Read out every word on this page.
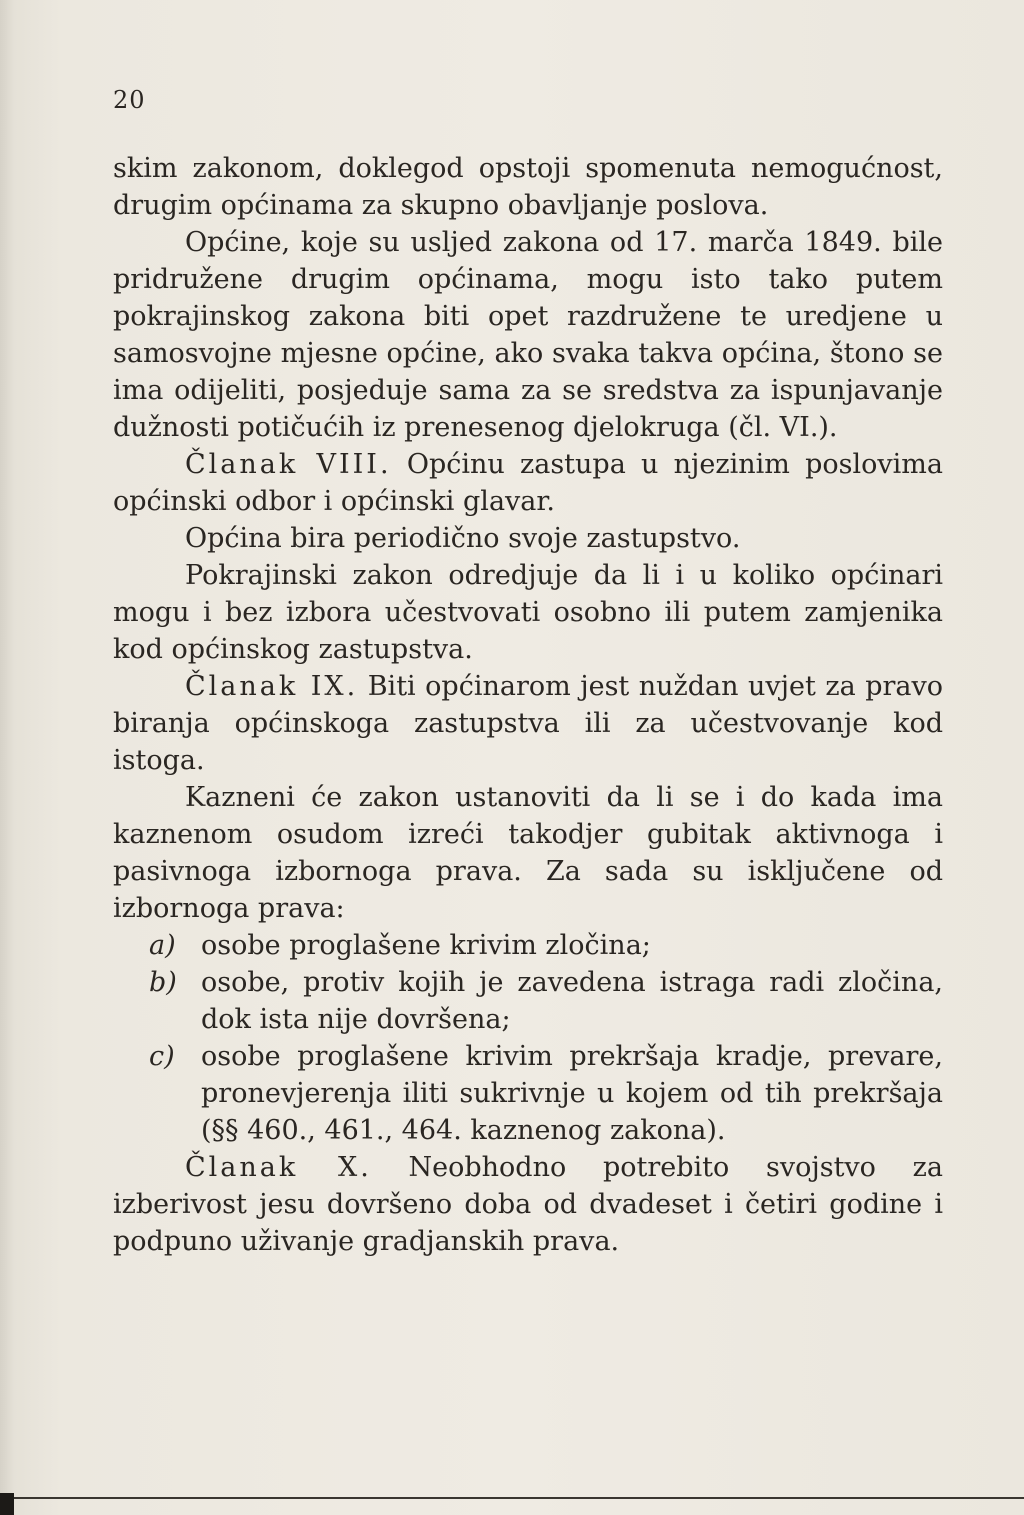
20

skim zakonom, doklegod opstoji spomenuta nemogućnost, drugim općinama za skupno obavljanje poslova.

Općine, koje su usljed zakona od 17. marča 1849. bile pridružene drugim općinama, mogu isto tako putem pokrajinskog zakona biti opet razdružene te uredjene u samosvojne mjesne općine, ako svaka takva općina, štono se ima odijeliti, posjeduje sama za se sredstva za ispunjavanje dužnosti potičućih iz prenesenog djelokruga (čl. VI.).

Članak VIII. Općinu zastupa u njezinim poslovima općinski odbor i općinski glavar.

Općina bira periodično svoje zastupstvo.

Pokrajinski zakon odredjuje da li i u koliko općinari mogu i bez izbora učestvovati osobno ili putem zamjenika kod općinskog zastupstva.

Članak IX. Biti općinarom jest nuždan uvjet za pravo biranja općinskoga zastupstva ili za učestvovanje kod istoga.

Kazneni će zakon ustanoviti da li se i do kada ima kaznenom osudom izreći takodjer gubitak aktivnoga i pasivnoga izbornoga prava. Za sada su isključene od izbornoga prava:

a) osobe proglašene krivim zločina;
b) osobe, protiv kojih je zavedena istraga radi zločina, dok ista nije dovršena;
c) osobe proglašene krivim prekršaja kradje, prevare, pronevjerenja iliti sukrivnje u kojem od tih prekršaja (§§ 460., 461., 464. kaznenog zakona).

Članak X. Neobhodno potrebito svojstvo za izberivost jesu dovršeno doba od dvadeset i četiri godine i podpuno uživanje gradjanskih prava.
